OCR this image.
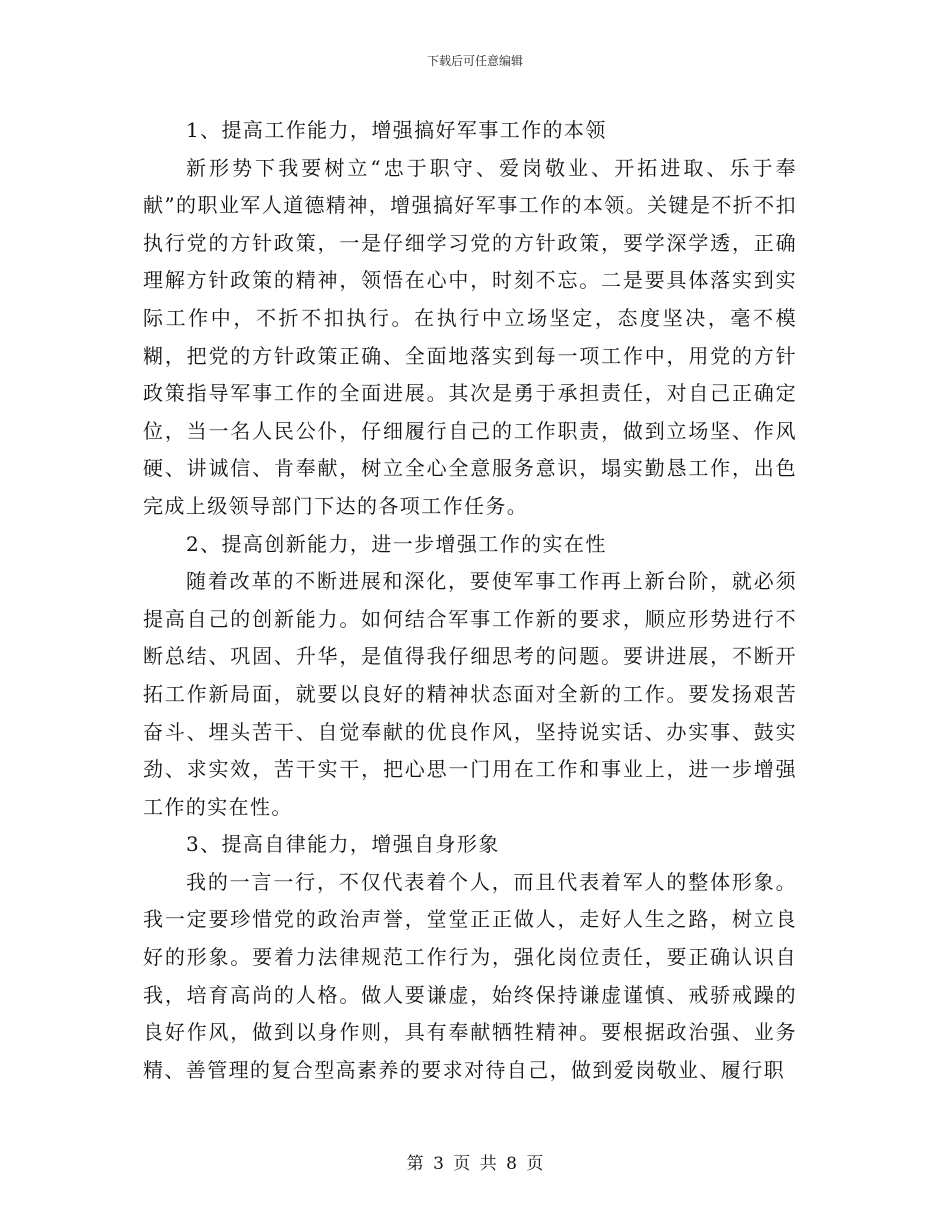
下载后可任意编辑

1、提高工作能力，增强搞好军事工作的本领

新形势下我要树立“忠于职守、爱岗敬业、开拓进取、乐于奉献”的职业军人道德精神，增强搞好军事工作的本领。关键是不折不扣执行党的方针政策，一是仔细学习党的方针政策，要学深学透，正确理解方针政策的精神，领悟在心中，时刻不忘。二是要具体落实到实际工作中，不折不扣执行。在执行中立场坚定，态度坚决，毫不模糊，把党的方针政策正确、全面地落实到每一项工作中，用党的方针政策指导军事工作的全面进展。其次是勇于承担责任，对自己正确定位，当一名人民公仆，仔细履行自己的工作职责，做到立场坚、作风硬、讲诚信、肯奉献，树立全心全意服务意识，塌实勤恳工作，出色完成上级领导部门下达的各项工作任务。

2、提高创新能力，进一步增强工作的实在性

随着改革的不断进展和深化，要使军事工作再上新台阶，就必须提高自己的创新能力。如何结合军事工作新的要求，顺应形势进行不断总结、巩固、升华，是值得我仔细思考的问题。要讲进展，不断开拓工作新局面，就要以良好的精神状态面对全新的工作。要发扬艰苦奋斗、埋头苦干、自觉奉献的优良作风，坚持说实话、办实事、鼓实劲、求实效，苦干实干，把心思一门用在工作和事业上，进一步增强工作的实在性。

3、提高自律能力，增强自身形象

我的一言一行，不仅代表着个人，而且代表着军人的整体形象。我一定要珍惜党的政治声誉，堂堂正正做人，走好人生之路，树立良好的形象。要着力法律规范工作行为，强化岗位责任，要正确认识自我，培育高尚的人格。做人要谦虚，始终保持谦虚谨慎、戒骄戒躁的良好作风，做到以身作则，具有奉献牺牲精神。要根据政治强、业务精、善管理的复合型高素养的要求对待自己，做到爱岗敬业、履行职

第 3 页 共 8 页
